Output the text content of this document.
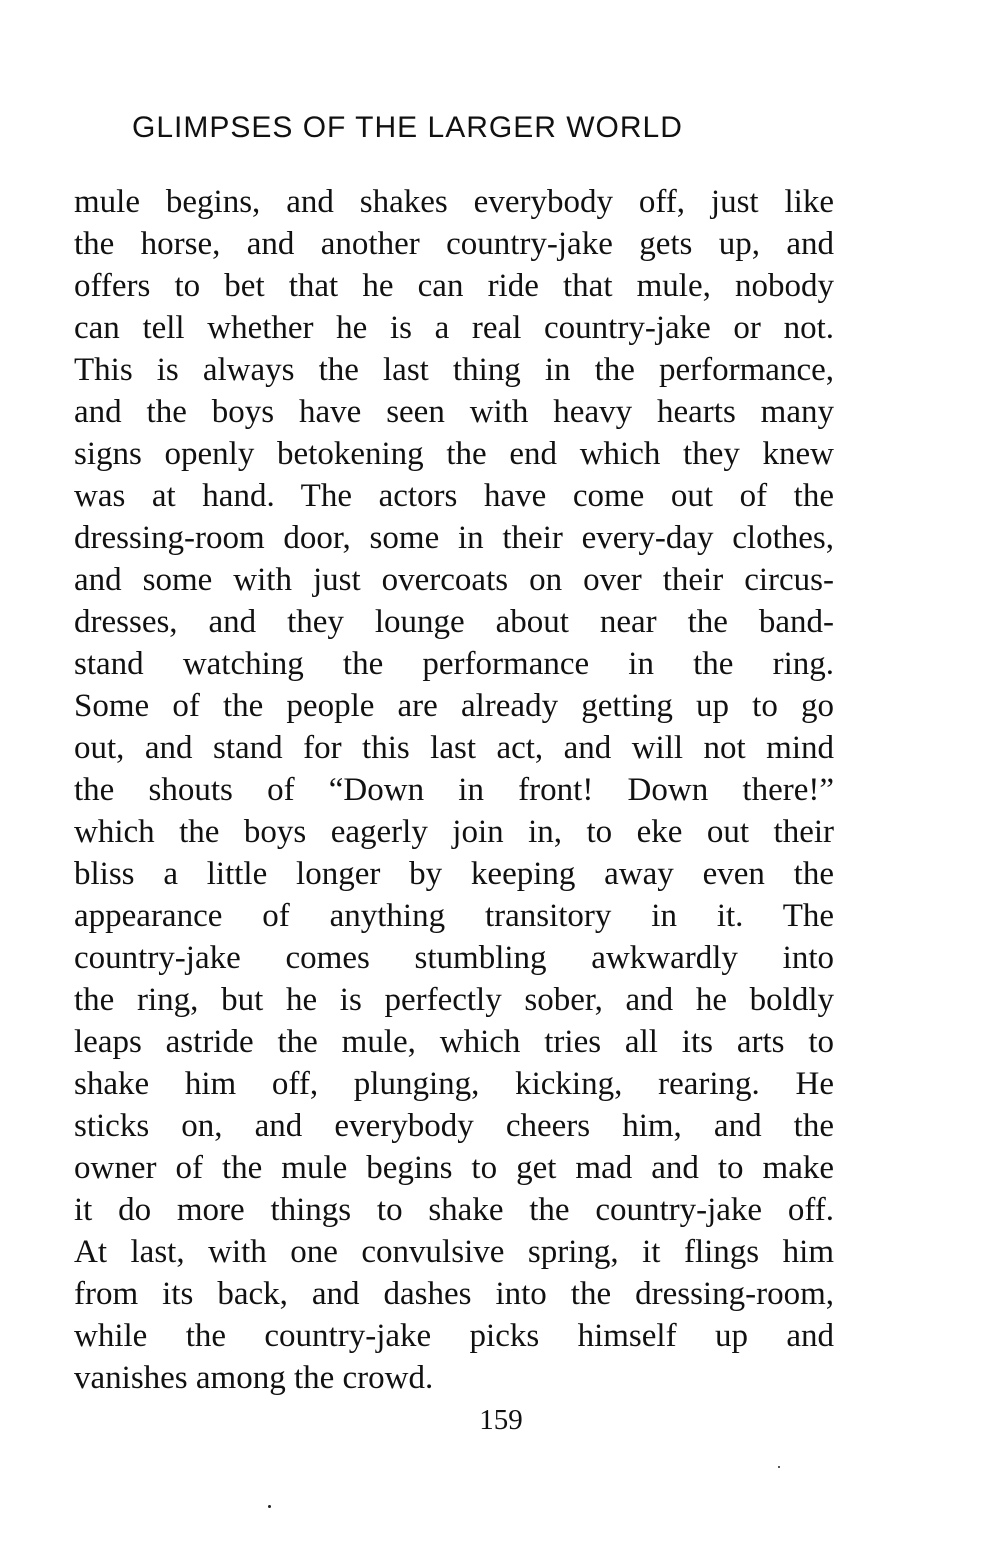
GLIMPSES OF THE LARGER WORLD
mule begins, and shakes everybody off, just like
the horse, and another country-jake gets up, and
offers to bet that he can ride that mule, nobody
can tell whether he is a real country-jake or not.
This is always the last thing in the performance,
and the boys have seen with heavy hearts many
signs openly betokening the end which they knew
was at hand. The actors have come out of the
dressing-room door, some in their every-day clothes,
and some with just overcoats on over their circus-
dresses, and they lounge about near the band-
stand watching the performance in the ring.
Some of the people are already getting up to go
out, and stand for this last act, and will not mind
the shouts of “Down in front! Down there!”
which the boys eagerly join in, to eke out their
bliss a little longer by keeping away even the
appearance of anything transitory in it. The
country-jake comes stumbling awkwardly into
the ring, but he is perfectly sober, and he boldly
leaps astride the mule, which tries all its arts to
shake him off, plunging, kicking, rearing. He
sticks on, and everybody cheers him, and the
owner of the mule begins to get mad and to make
it do more things to shake the country-jake off.
At last, with one convulsive spring, it flings him
from its back, and dashes into the dressing-room,
while the country-jake picks himself up and
vanishes among the crowd.
159
